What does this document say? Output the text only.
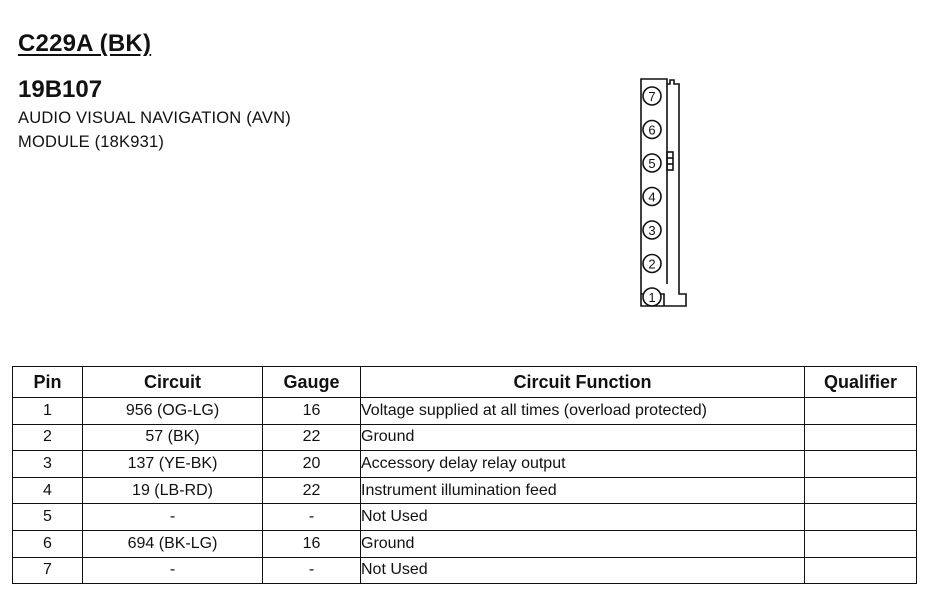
C229A (BK)
19B107
AUDIO VISUAL NAVIGATION (AVN)
MODULE (18K931)
7
6
5
4
3
2
1
Pin	Circuit	Gauge	Circuit Function	Qualifier
1	956 (OG-LG)	16	Voltage supplied at all times (overload protected)	
2	57 (BK)	22	Ground	
3	137 (YE-BK)	20	Accessory delay relay output	
4	19 (LB-RD)	22	Instrument illumination feed	
5	-	-	Not Used	
6	694 (BK-LG)	16	Ground	
7	-	-	Not Used	
